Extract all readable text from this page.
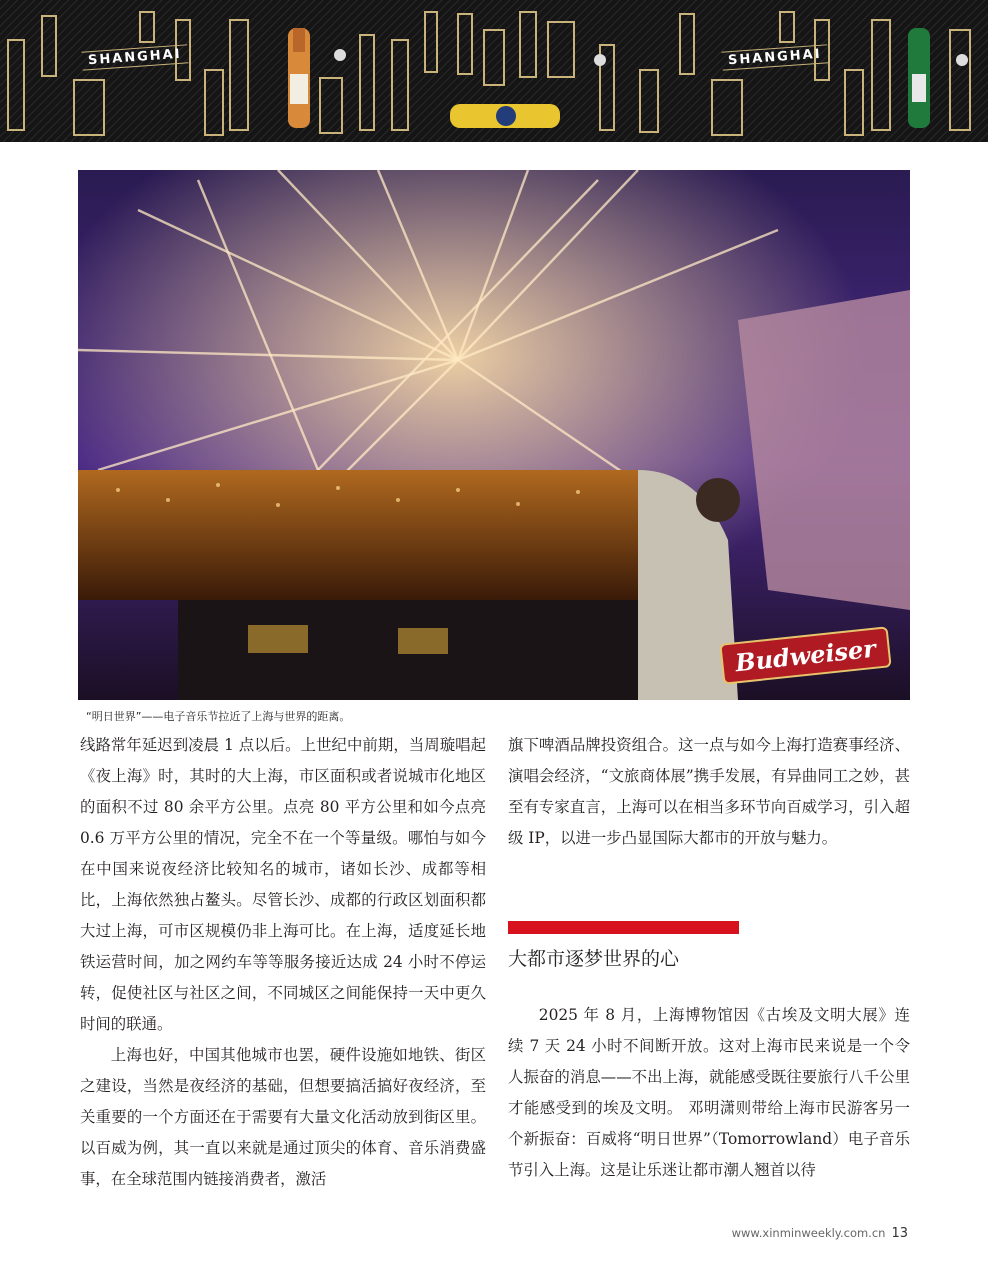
SHANGHAI	SHANGHAI
Budweiser
“明日世界”——电子音乐节拉近了上海与世界的距离。

线路常年延迟到凌晨 1 点以后。上世纪中前期，当周璇唱起《夜上海》时，其时的大上海，市区面积或者说城市化地区的面积不过 80 余平方公里。点亮 80 平方公里和如今点亮0.6 万平方公里的情况，完全不在一个等量级。哪怕与如今在中国来说夜经济比较知名的城市，诸如长沙、成都等相比，上海依然独占鳌头。尽管长沙、成都的行政区划面积都大过上海，可市区规模仍非上海可比。在上海，适度延长地铁运营时间，加之网约车等等服务接近达成 24 小时不停运转，促使社区与社区之间，不同城区之间能保持一天中更久时间的联通。

上海也好，中国其他城市也罢，硬件设施如地铁、街区之建设，当然是夜经济的基础，但想要搞活搞好夜经济，至关重要的一个方面还在于需要有大量文化活动放到街区里。以百威为例，其一直以来就是通过顶尖的体育、音乐消费盛事，在全球范围内链接消费者，激活

旗下啤酒品牌投资组合。这一点与如今上海打造赛事经济、演唱会经济，“文旅商体展”携手发展，有异曲同工之妙，甚至有专家直言，上海可以在相当多环节向百威学习，引入超级 IP，以进一步凸显国际大都市的开放与魅力。

大都市逐梦世界的心

2025 年 8 月，上海博物馆因《古埃及文明大展》连续 7 天 24 小时不间断开放。这对上海市民来说是一个令人振奋的消息——不出上海，就能感受既往要旅行八千公里才能感受到的埃及文明。 邓明潇则带给上海市民游客另一个新振奋：百威将“明日世界”（Tomorrowland）电子音乐节引入上海。这是让乐迷让都市潮人翘首以待

www.xinminweekly.com.cn 13
